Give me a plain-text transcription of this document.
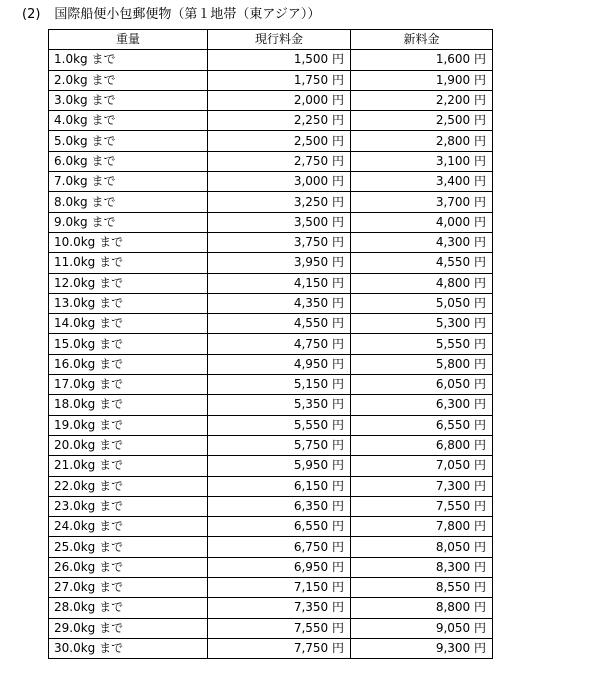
(2) 国際船便小包郵便物（第１地帯（東アジア））
重量	現行料金	新料金
1.0kg まで	1,500 円	1,600 円
2.0kg まで	1,750 円	1,900 円
3.0kg まで	2,000 円	2,200 円
4.0kg まで	2,250 円	2,500 円
5.0kg まで	2,500 円	2,800 円
6.0kg まで	2,750 円	3,100 円
7.0kg まで	3,000 円	3,400 円
8.0kg まで	3,250 円	3,700 円
9.0kg まで	3,500 円	4,000 円
10.0kg まで	3,750 円	4,300 円
11.0kg まで	3,950 円	4,550 円
12.0kg まで	4,150 円	4,800 円
13.0kg まで	4,350 円	5,050 円
14.0kg まで	4,550 円	5,300 円
15.0kg まで	4,750 円	5,550 円
16.0kg まで	4,950 円	5,800 円
17.0kg まで	5,150 円	6,050 円
18.0kg まで	5,350 円	6,300 円
19.0kg まで	5,550 円	6,550 円
20.0kg まで	5,750 円	6,800 円
21.0kg まで	5,950 円	7,050 円
22.0kg まで	6,150 円	7,300 円
23.0kg まで	6,350 円	7,550 円
24.0kg まで	6,550 円	7,800 円
25.0kg まで	6,750 円	8,050 円
26.0kg まで	6,950 円	8,300 円
27.0kg まで	7,150 円	8,550 円
28.0kg まで	7,350 円	8,800 円
29.0kg まで	7,550 円	9,050 円
30.0kg まで	7,750 円	9,300 円
